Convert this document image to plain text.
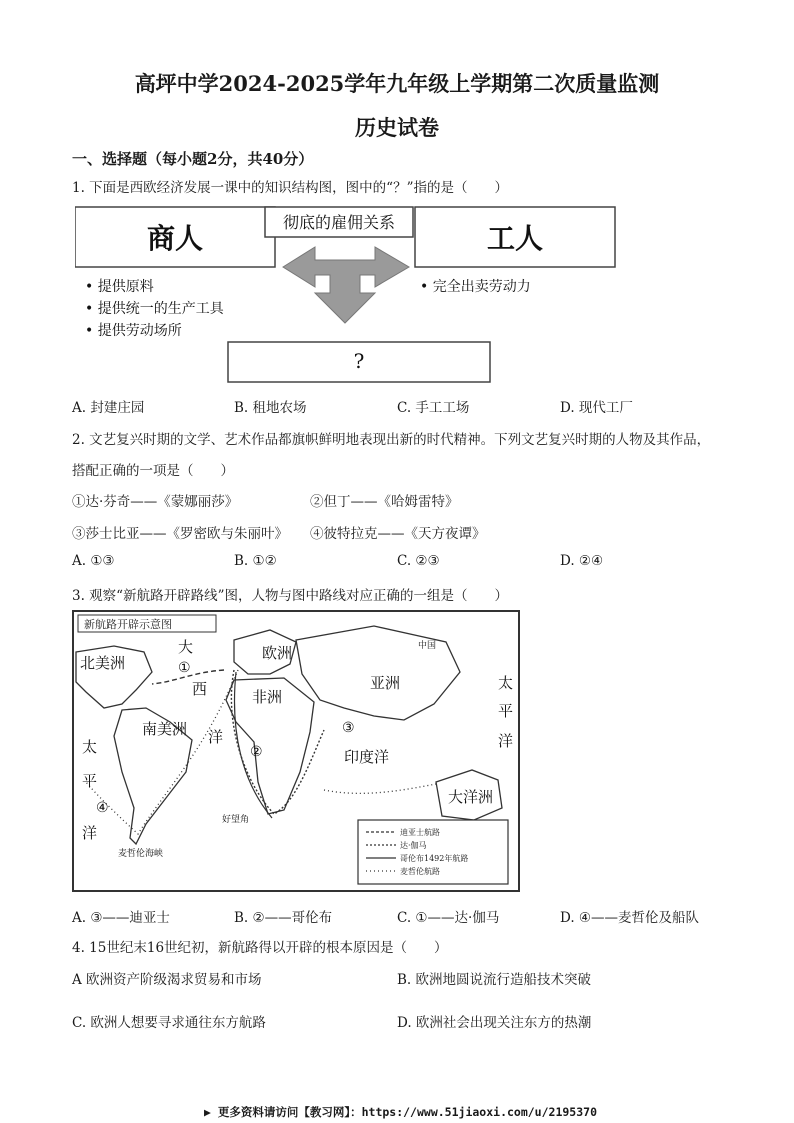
高坪中学2024-2025学年九年级上学期第二次质量监测
历史试卷
一、选择题（每小题2分，共40分）
1. 下面是西欧经济发展一课中的知识结构图，图中的“？”指的是（　　）
商人	工人
彻底的雇佣关系
• 提供原料
• 提供统一的生产工具
• 提供劳动场所
• 完全出卖劳动力
?
A. 封建庄园	B. 租地农场	C. 手工工场	D. 现代工厂
2. 文艺复兴时期的文学、艺术作品都旗帜鲜明地表现出新的时代精神。下列文艺复兴时期的人物及其作品，
搭配正确的一项是（　　）
①达·芬奇——《蒙娜丽莎》	②但丁——《哈姆雷特》
③莎士比亚——《罗密欧与朱丽叶》 ④彼特拉克——《天方夜谭》
A. ①③	B. ①②	C. ②③	D. ②④
3. 观察“新航路开辟路线”图，人物与图中路线对应正确的一组是（　　）
迪亚士航路
达·伽马
哥伦布1492年航路
麦哲伦航路
新航路开辟示意图
北美洲
大
西
洋
欧洲
亚洲
中国
非洲
印度洋
南美洲
大洋洲
太
平
洋
太
平
洋
好望角
麦哲伦海峡
①
②
③
④
A. ③——迪亚士	B. ②——哥伦布	C. ①——达·伽马	D. ④——麦哲伦及船队
4. 15世纪末16世纪初，新航路得以开辟的根本原因是（　　）
A 欧洲资产阶级渴求贸易和市场	B. 欧洲地圆说流行造船技术突破
C. 欧洲人想要寻求通往东方航路	D. 欧洲社会出现关注东方的热潮
▶ 更多资料请访问【教习网】：https://www.51jiaoxi.com/u/2195370
